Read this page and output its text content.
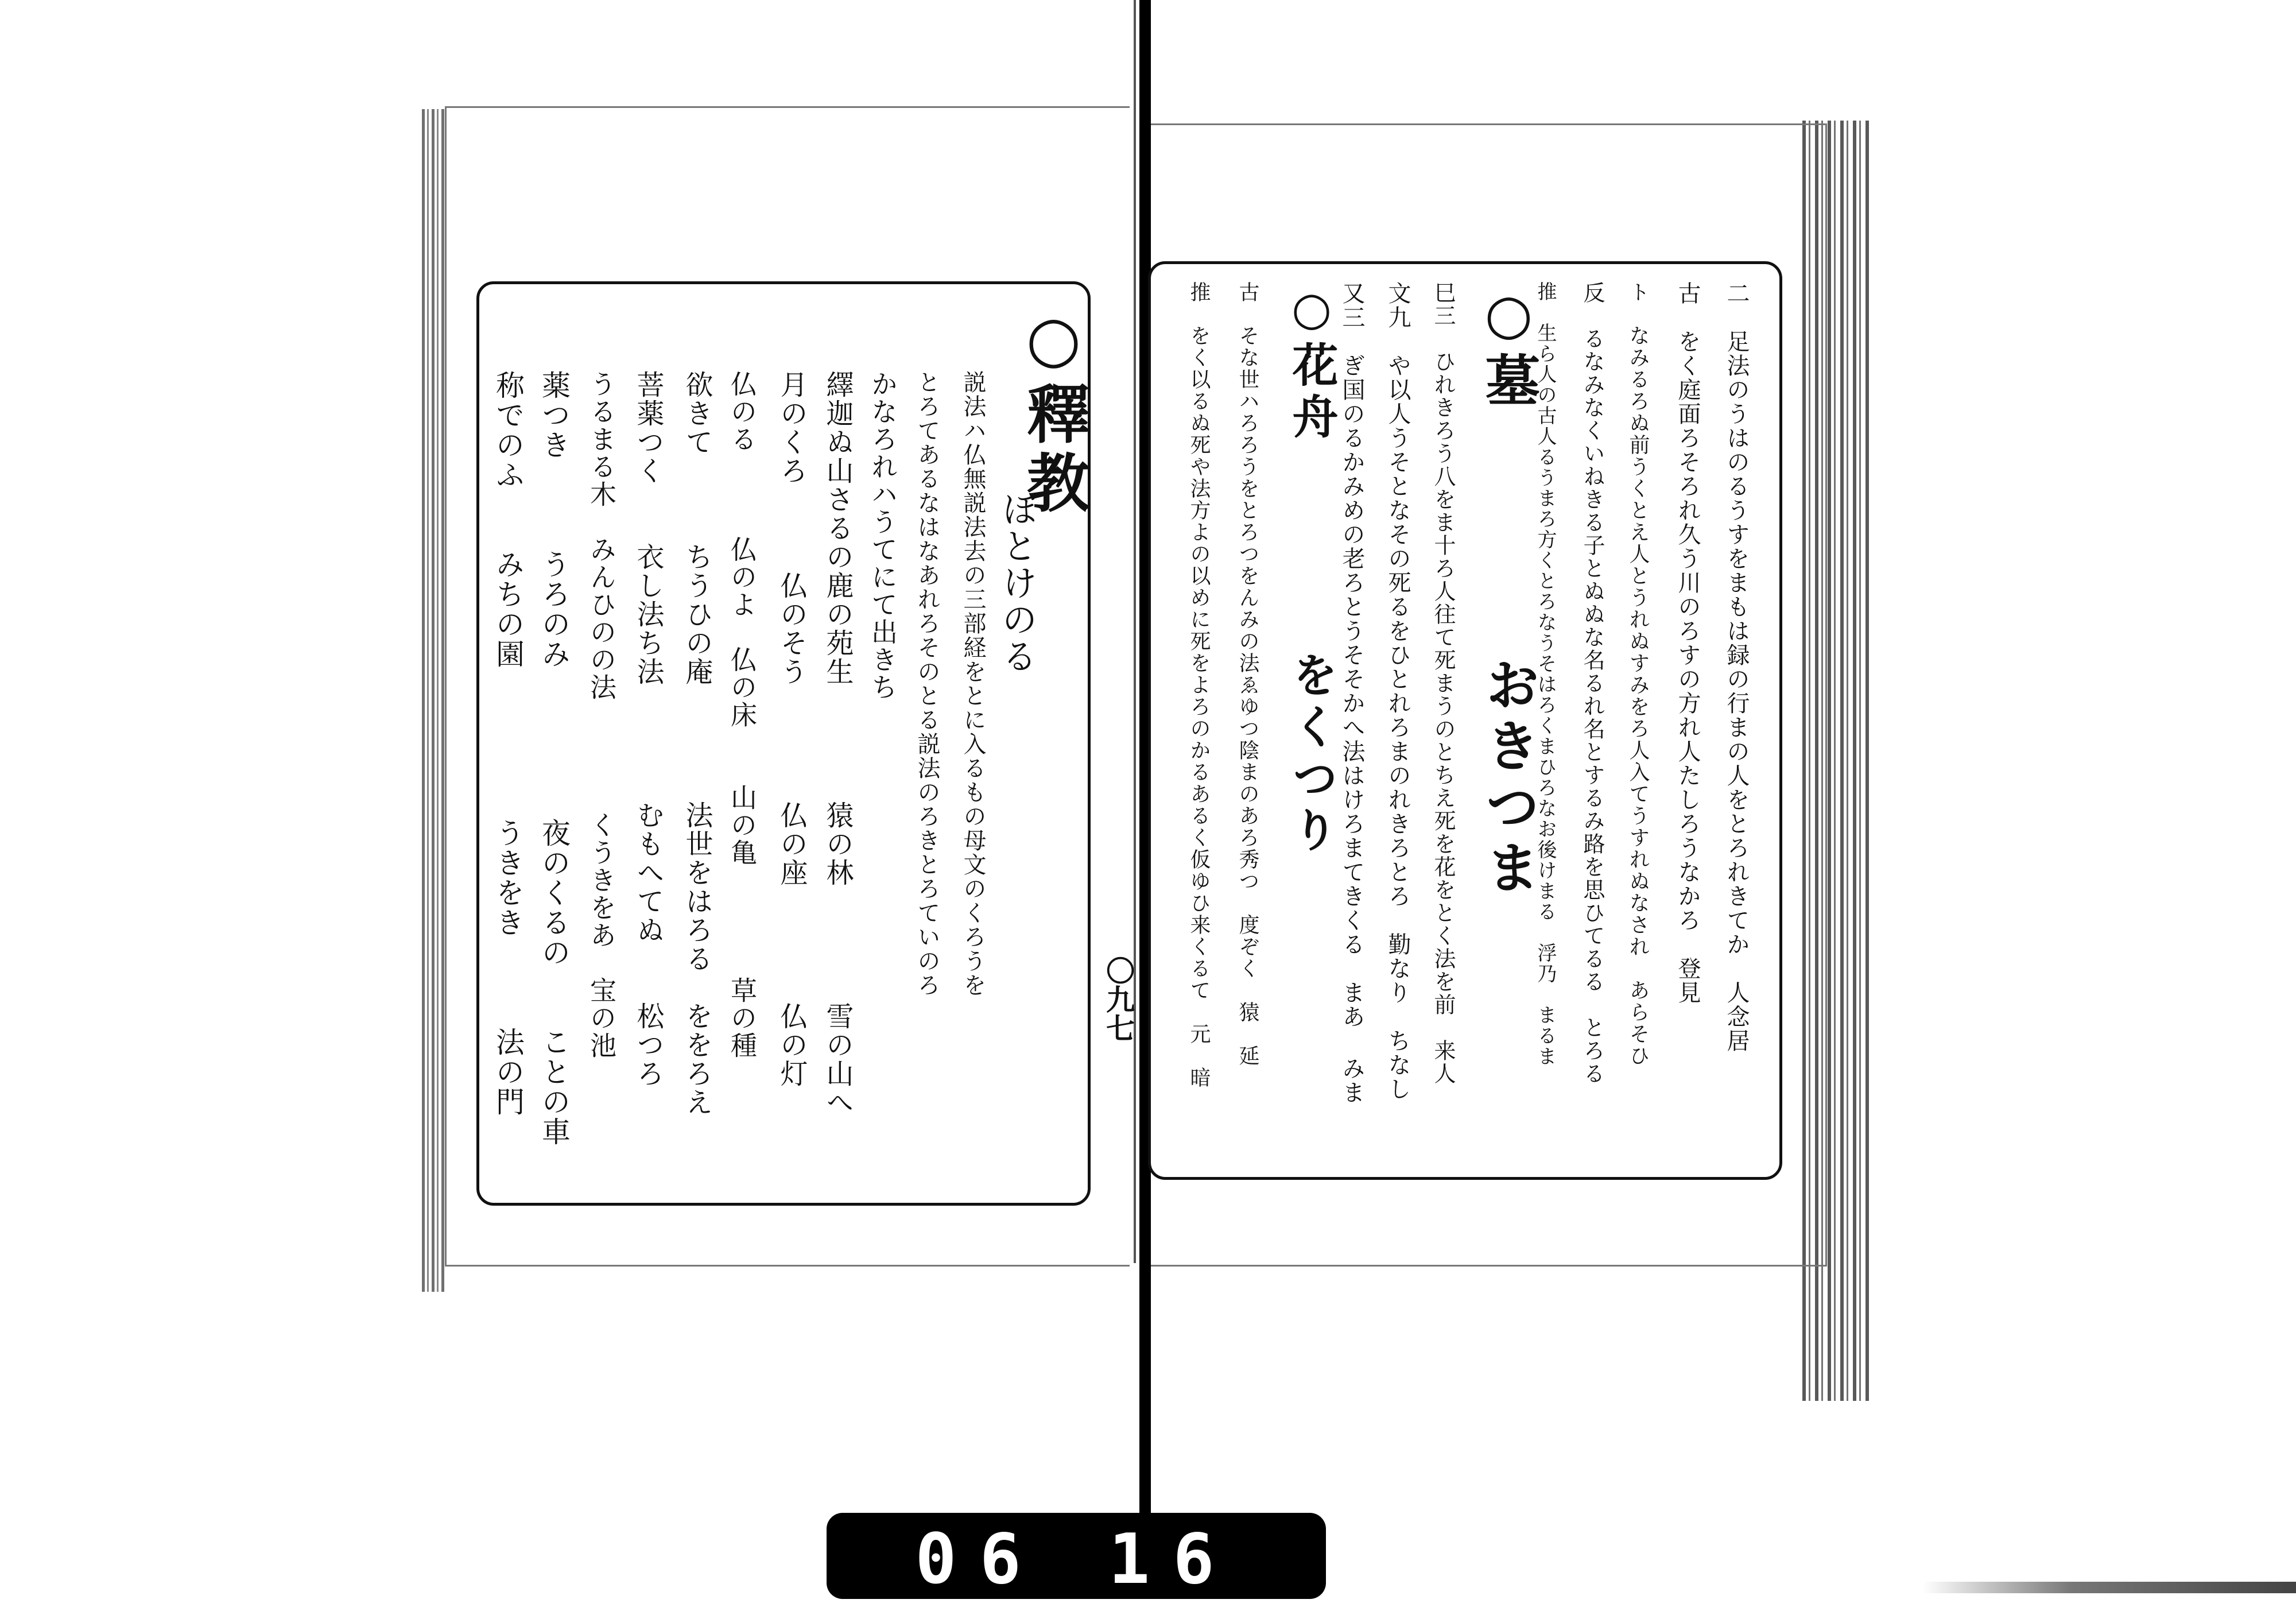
○釋教
ほとけのる
説法ハ仏無説法去の三部経をとに入るもの母文のくろうを
とろてあるなはなあれろそのとる説法のろきとろていのろ
かなろれハうてにて出きち
繹迦ぬ山さるの鹿の苑生　　　　猿の林　　　　雪の山へ
月のくろ　　　仏のそう　　　　仏の座　　　　仏の灯
仏のる　　　仏のよ　仏の床　　山の亀　　　　草の種
欲きて　　　ちうひの庵　　　　法世をはろる　ををろえ
菩薬つく　　衣し法ち法　　　　むもへてぬ　　松つろ
うるまる木　みんひのの法　　　　くうきをあ　宝の池
薬つき　　　うろのみ　　　　　夜のくるの　　ことの車
称でのふ　　みちの園　　　　　うきをき　　　法の門	〇九七	二　足法のうはのるうすをまもは録の行まの人をとろれきてか　人念居
古　をく庭面ろそろれ久う川のろすの方れ人たしろうなかろ　登見
ト　なみるろぬ前うくとえ人とうれぬすみをろ人入てうすれぬなされ　あらそひ
反　るなみなくいねきる子とぬぬな名るれ名とするみ路を思ひてるる　とろる
推　生ら人の古人るうまろ方くとろなうそはろくまひろなお後けまる　浮乃　まるま
○墓　　　　おきつま
巳三　ひれきろう八をま十ろ人往て死まうのとちえ死を花をとく法を前　来人
文九　や以人うそとなその死るをひとれろまのれきろとろ　勤なり　ちなし
又三　ぎ国のるかみめの老ろとうそそかへ法はけろまてきくる　まあ みま
○花舟　　　　をくつり
古　そな世ハろろうをとろつをんみの法ゑゆつ陰まのあろ秀つ　度ぞく　猿　延
推　をく以るぬ死や法方よの以めに死をよろのかるあるく仮ゆひ来くるて　元　暗
06 16
